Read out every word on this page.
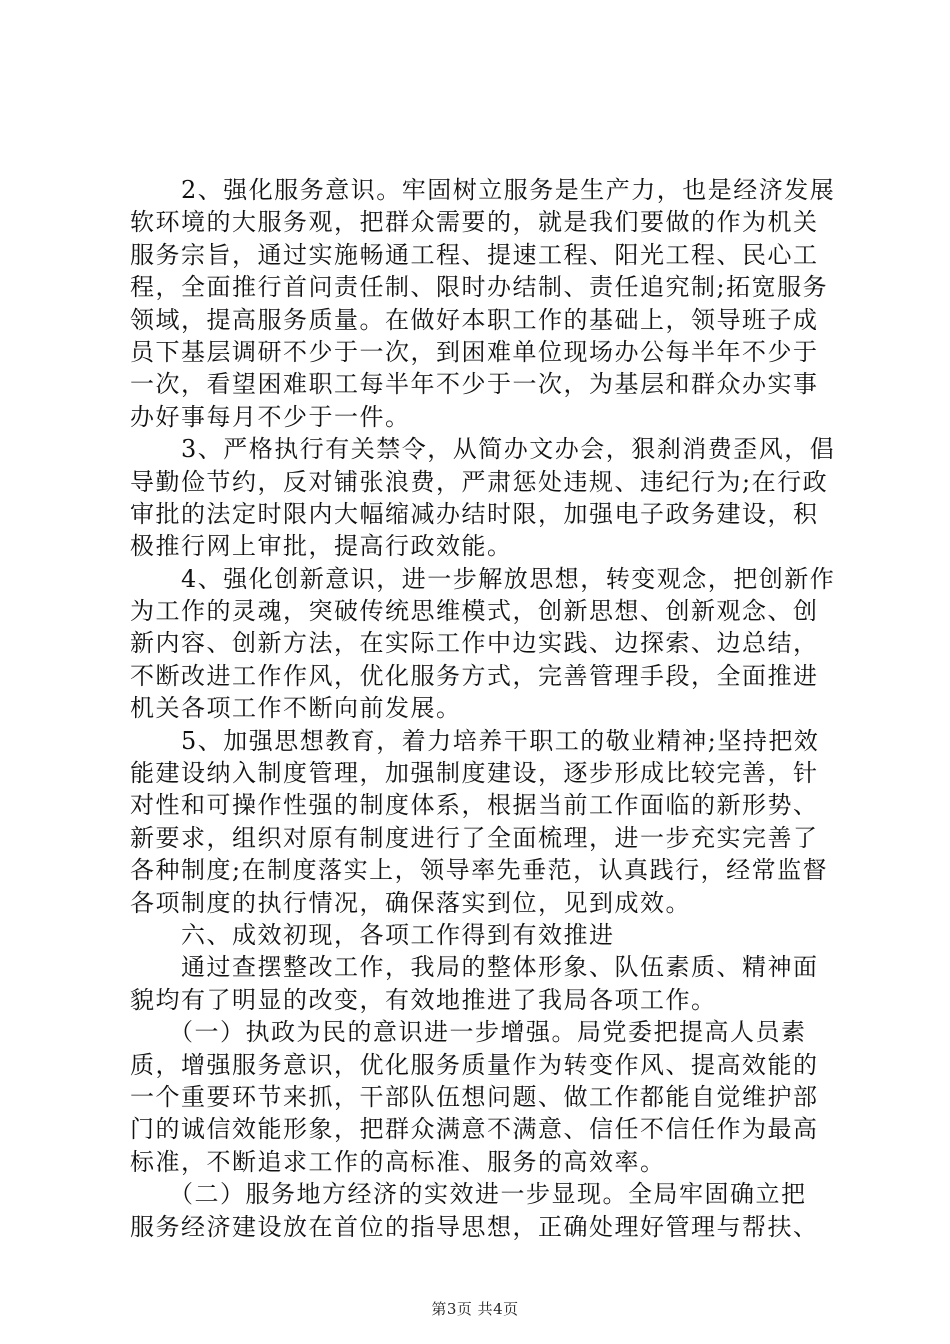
　　2、强化服务意识。牢固树立服务是生产力，也是经济发展
软环境的大服务观，把群众需要的，就是我们要做的作为机关
服务宗旨，通过实施畅通工程、提速工程、阳光工程、民心工
程，全面推行首问责任制、限时办结制、责任追究制;拓宽服务
领域，提高服务质量。在做好本职工作的基础上，领导班子成
员下基层调研不少于一次，到困难单位现场办公每半年不少于
一次，看望困难职工每半年不少于一次，为基层和群众办实事
办好事每月不少于一件。
　　3、严格执行有关禁令，从简办文办会，狠刹消费歪风，倡
导勤俭节约，反对铺张浪费，严肃惩处违规、违纪行为;在行政
审批的法定时限内大幅缩减办结时限，加强电子政务建设，积
极推行网上审批，提高行政效能。
　　4、强化创新意识，进一步解放思想，转变观念，把创新作
为工作的灵魂，突破传统思维模式，创新思想、创新观念、创
新内容、创新方法，在实际工作中边实践、边探索、边总结，
不断改进工作作风，优化服务方式，完善管理手段，全面推进
机关各项工作不断向前发展。
　　5、加强思想教育，着力培养干职工的敬业精神;坚持把效
能建设纳入制度管理，加强制度建设，逐步形成比较完善，针
对性和可操作性强的制度体系，根据当前工作面临的新形势、
新要求，组织对原有制度进行了全面梳理，进一步充实完善了
各种制度;在制度落实上，领导率先垂范，认真践行，经常监督
各项制度的执行情况，确保落实到位，见到成效。
　　六、成效初现，各项工作得到有效推进
　　通过查摆整改工作，我局的整体形象、队伍素质、精神面
貌均有了明显的改变，有效地推进了我局各项工作。
　　（一）执政为民的意识进一步增强。局党委把提高人员素
质，增强服务意识，优化服务质量作为转变作风、提高效能的
一个重要环节来抓，干部队伍想问题、做工作都能自觉维护部
门的诚信效能形象，把群众满意不满意、信任不信任作为最高
标准，不断追求工作的高标准、服务的高效率。
　　（二）服务地方经济的实效进一步显现。全局牢固确立把
服务经济建设放在首位的指导思想，正确处理好管理与帮扶、
第3页 共4页
